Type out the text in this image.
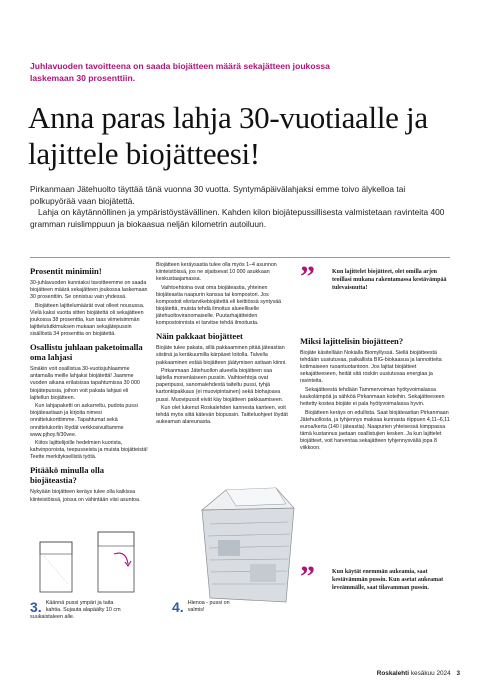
Juhlavuoden tavoitteena on saada biojätteen määrä sekajätteen joukossa laskemaan 30 prosenttiin.
Anna paras lahja 30-vuotiaalle ja lajittele biojätteesi!

Pirkanmaan Jätehuolto täyttää tänä vuonna 30 vuotta. Syntymäpäivälahjaksi emme toivo älykelloa tai polkupyörää vaan biojätettä.

Lahja on käytännöllinen ja ympäristöystävällinen. Kahden kilon biojätepussillisesta valmistetaan ravinteita 400 gramman ruislimppuun ja biokaasua neljän kilometrin autoiluun.

Prosentit minimiin!

30-juhlavuoden kunniaksi tavoitteemme on saada biojätteen määrä sekajätteen joukossa laskemaan 30 prosenttiin. Se onnistuu vain yhdessä.

Biojätteen lajittelumäärät ovat olleet nousussa. Vielä kaksi vuotta sitten biojätettä oli sekajätteen joukossa 38 prosenttia, kun taas viimeisimmän lajittelututkimuksen mukaan sekajätepussin sisällöstä 34 prosenttia on biojätettä.

Osallistu juhlaan paketoimalla oma lahjasi

Sinäkin voit osallistua 30-vuotisjuhlaamme antamalla meille lahjaksi biojätettä! Jaamme vuoden aikana erilaisissa tapahtumissa 30 000 biojätepussia, joihon voit pakata lahjasi eli lajitellun biojätteen.

Kun lahjapaketti on askarreltu, pudota pussi biojäteastiaan ja kirjoita nimesi onnittelukorttiimme. Tapahtumat sekä onnittelukortin löydät verkkosivuiltamme www.pjhoy.fi/30vee.

Kiitos lajittelijoille hedelmien kuorista, kahvinporoista, teepusseista ja muista biojätteistä! Teette merkityksellistä työtä.

Pitääkö minulla olla biojäteastia?

Nykyään biojätteen keräys tulee olla kaikissa kiinteistöissä, joissa on vähintään viisi asuntoa.

Biojätteen keräysastia tulee olla myös 1–4 asunnon kiinteistöissä, jos ne sijaitsevat 10 000 asukkaan keskustaajamassa.

Vaihtoehtoina ovat oma biojäteastia, yhteinen biojäteastia naapurin kanssa tai kompostori. Jos kompostoit elintarvikebiojätettä eli keittiössä syntyvää biojätettä, muista tehdä ilmoitus alueelliselle jätehuoltoviranomaiselle. Puutarhajätteiden kompostoinnista ei tarvitse tehdä ilmoitusta.

Näin pakkaat biojätteet

Biojäte tulee pakata, sillä pakkaaminen pitää jäteastian siistinä ja keräkuumilla kärpäset loitolla. Talvella pakkaaminen estää biojätteen jäätymisen astiaan kiinni.

Pirkanmaan Jätehuollon alueella biojätteen saa lajitella monenlaiseen pussiin. Vaihtoehtoja ovat paperipussi, sanomalehdestä taiteltu pussi, tyhjä kartonkipakkaus (ei muovipintainen) sekä biohajoava pussi. Muovipussit eivät käy biojätteen pakkaamiseen.

Kun olet lukenut Roskalehden kannesta kanteen, voit tehdä myös siitä kätevän biopussin. Taitteluohjeet löydät aukeaman alareunasta.

”	Kun lajittelet biojätteet, olet omilla arjen teoillasi mukana rakentamassa kestävämpää tulevaisuutta!
Miksi lajittelisin biojätteen?

Biojäte käsitellään Nokialla Biomyllyssä. Siellä biojätteestä tehdään uusiutuvaa, paikallista BIG-biokaasua ja lannoitteita kotimaiseen ruoantuotantoon. Jos lajitat biojätteet sekajätteeseen, heität sitä roskiin uusiutuvaa energiaa ja ravinteita.

Sekajätteestä tehdään Tammervoiman hyötyvoimalassa kaukolämpöä ja sähköä Pirkanmaan koteihin. Sekajätteeseen heitetty kostea biojäte ei pala hyötyvoimalassa hyvin.

Biojätteen keräys on edullista. Saat biojäteastian Pirkanmaan Jätehuollosta, ja tyhjennys maksaa kunnasta riippuen 4,11–6,11 euroa/kerta (140 l jäteastia). Naapurien yhteisessä kimppassa tämä kustannus jaetaan osallistujien kesken. Ja kun lajittelet biojätteet, voit harventaa sekajätteen tyhjennysväliä jopa 8 viikkoon.

3. Käännä pussi ympäri ja taita kahtia. Sujauta alapäälty 10 cm suukaistaleen alle.
4. Hienoa - pussi on valmis!
”	Kun käytät enemmän aukeamia, saat kestävämmän pussin. Kun asetat aukeamat leveämmälle, saat tilavamman pussin.
Roskalehti kesäkuu 2024 3
